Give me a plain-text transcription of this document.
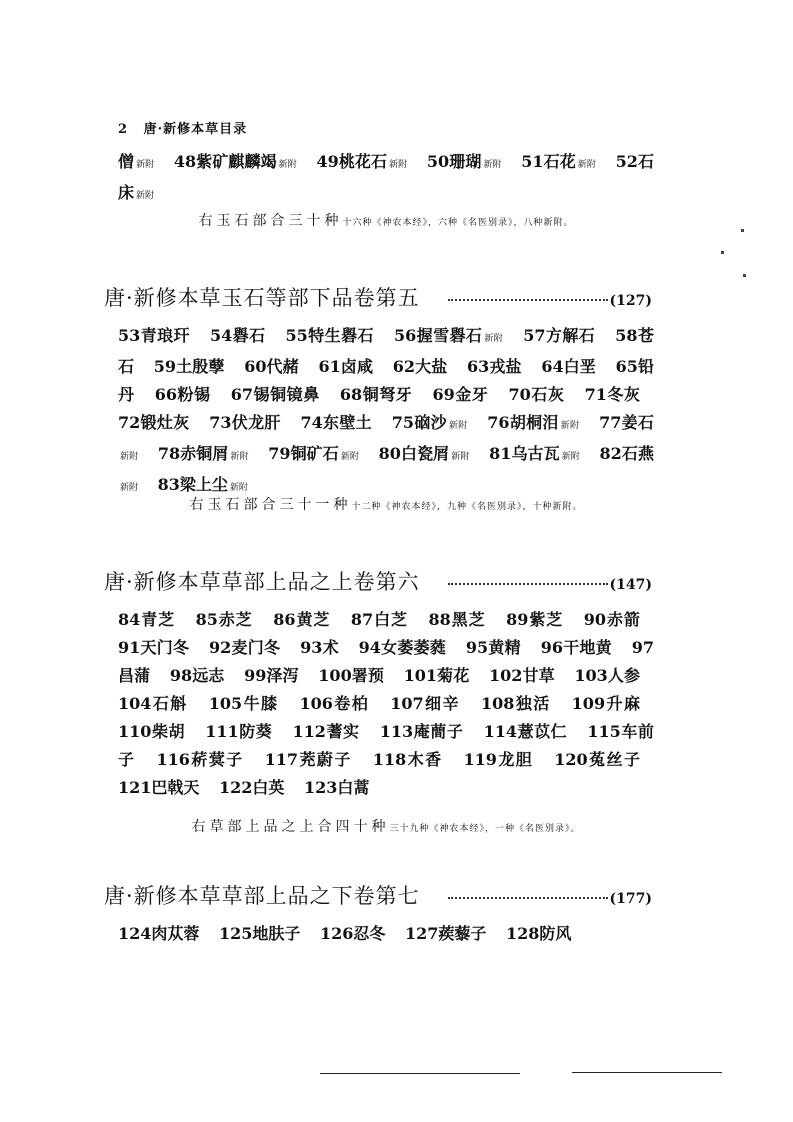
2 唐·新修本草目录
僧新附 48紫矿麒麟竭 新附 49桃花石 新附 50珊瑚 新附 51石花 新附 52石床 新附
右玉石部合三十种十六种《神农本经》，六种《名医别录》，八种新附。
唐·新修本草玉石等部下品卷第五	(127)
53青琅玕 54礜石 55特生礜石 56握雪礜石 新附 57方解石 58苍石 59土殷孽 60代赭 61卤咸 62大盐 63戎盐 64白垩 65铅丹 66粉锡 67锡铜镜鼻 68铜弩牙 69金牙 70石灰 71冬灰 72锻灶灰 73伏龙肝 74东壁土 75硇沙 新附 76胡桐泪 新附 77姜石新附 78赤铜屑 新附 79铜矿石 新附 80白瓷屑 新附 81乌古瓦 新附 82石燕新附 83梁上尘 新附
右玉石部合三十一种十二种《神农本经》，九种《名医别录》，十种新附。
唐·新修本草草部上品之上卷第六	(147)
84青芝 85赤芝 86黄芝 87白芝 88黑芝 89紫芝 90赤箭 91天门冬 92麦门冬 93术 94女萎萎蕤 95黄精 96干地黄 97昌蒲 98远志 99泽泻 100署预 101菊花 102甘草 103人参 104石斛 105牛膝 106卷柏 107细辛 108独活 109升麻 110柴胡 111防葵 112蓍实 113庵蕳子 114薏苡仁 115车前子 116菥蓂子 117茺蔚子 118木香 119龙胆 120菟丝子 121巴戟天 122白英 123白蒿
右草部上品之上合四十种三十九种《神农本经》，一种《名医别录》。
唐·新修本草草部上品之下卷第七	(177)
124肉苁蓉 125地肤子 126忍冬 127蒺藜子 128防风
